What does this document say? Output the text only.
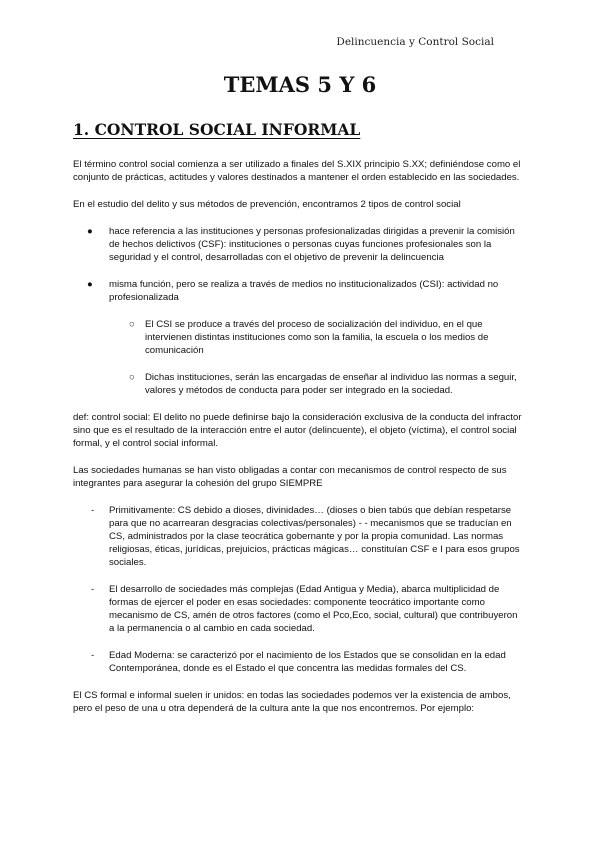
Delincuencia y Control Social
TEMAS 5 Y 6
1. CONTROL SOCIAL INFORMAL

El término control social comienza a ser utilizado a finales del S.XIX principio S.XX; definiéndose como el conjunto de prácticas, actitudes y valores destinados a mantener el orden establecido en las sociedades.

En el estudio del delito y sus métodos de prevención, encontramos 2 tipos de control social

● hace referencia a las instituciones y personas profesionalizadas dirigidas a prevenir la comisión de hechos delictivos (CSF): instituciones o personas cuyas funciones profesionales son la seguridad y el control, desarrolladas con el objetivo de prevenir la delincuencia
● misma función, pero se realiza a través de medios no institucionalizados (CSI): actividad no profesionalizada
○ El CSI se produce a través del proceso de socialización del individuo, en el que intervienen distintas instituciones como son la familia, la escuela o los medios de comunicación
○ Dichas instituciones, serán las encargadas de enseñar al individuo las normas a seguir, valores y métodos de conducta para poder ser integrado en la sociedad.

def: control social: El delito no puede definirse bajo la consideración exclusiva de la conducta del infractor sino que es el resultado de la interacción entre el autor (delincuente), el objeto (víctima), el control social formal, y el control social informal.

Las sociedades humanas se han visto obligadas a contar con mecanismos de control respecto de sus integrantes para asegurar la cohesión del grupo SIEMPRE

- Primitivamente: CS debido a dioses, divinidades… (dioses o bien tabús que debían respetarse para que no acarrearan desgracias colectivas/personales) - - mecanismos que se traducían en CS, administrados por la clase teocrática gobernante y por la propia comunidad. Las normas religiosas, éticas, jurídicas, prejuicios, prácticas mágicas… constituían CSF e I para esos grupos sociales.
- El desarrollo de sociedades más complejas (Edad Antigua y Media), abarca multiplicidad de formas de ejercer el poder en esas sociedades: componente teocrático importante como mecanismo de CS, amén de otros factores (como el Pco,Eco, social, cultural) que contribuyeron a la permanencia o al cambio en cada sociedad.
- Edad Moderna: se caracterizó por el nacimiento de los Estados que se consolidan en la edad Contemporánea, donde es el Estado el que concentra las medidas formales del CS.

El CS formal e informal suelen ir unidos: en todas las sociedades podemos ver la existencia de ambos, pero el peso de una u otra dependerá de la cultura ante la que nos encontremos. Por ejemplo:
